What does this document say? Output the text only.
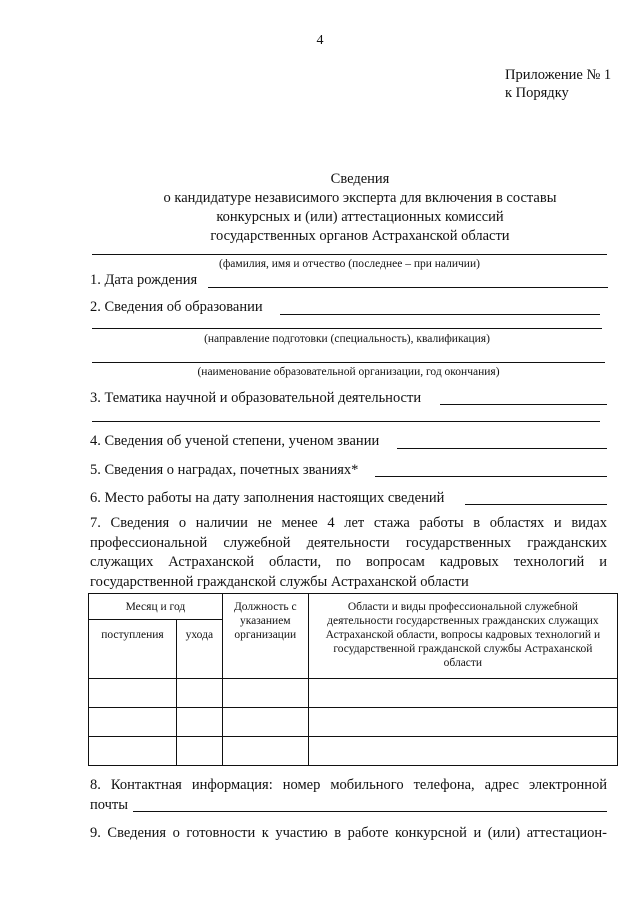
4
Приложение № 1
к Порядку
Сведения
о кандидатуре независимого эксперта для включения в составы
конкурсных и (или) аттестационных комиссий
государственных органов Астраханской области
(фамилия, имя и отчество (последнее – при наличии)
1. Дата рождения
2. Сведения об образовании
(направление подготовки (специальность), квалификация)
(наименование образовательной организации, год окончания)
3. Тематика научной и образовательной деятельности
4. Сведения об ученой степени, ученом звании
5. Сведения о наградах, почетных званиях*
6. Место работы на дату заполнения настоящих сведений
7. Сведения о наличии не менее 4 лет стажа работы в областях и видах профессиональной служебной деятельности государственных гражданских служащих Астраханской области, по вопросам кадровых технологий и государственной гражданской службы Астраханской области
Месяц и год		Должность с указанием организации	Области и виды профессиональной служебной деятельности государственных гражданских служащих Астраханской области, вопросы кадровых технологий и государственной гражданской службы Астраханской области
поступления	ухода		

8. Контактная информация: номер мобильного телефона, адрес электронной
почты
9. Сведения о готовности к участию в работе конкурсной и (или) аттестацион-
